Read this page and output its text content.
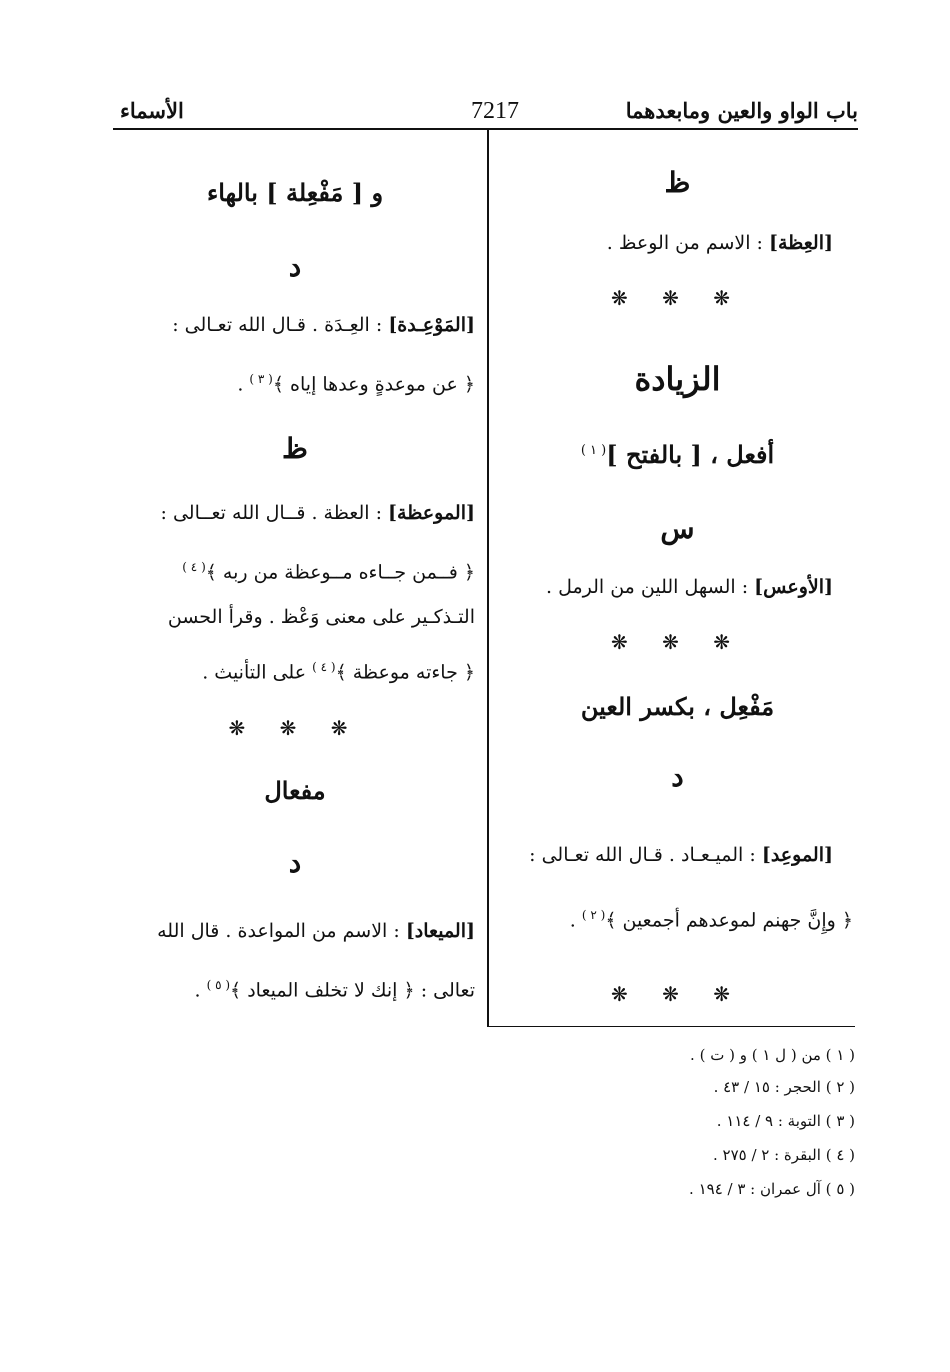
باب الواو والعين ومابعدهما
7217
الأسماء
ظ
[العِظة] : الاسم من الوعظ .
❋ ❋ ❋
الزيادة
أفعل ، [ بالفتح ]$^{( ١ )}$
س
[الأوعس] : السهل اللين من الرمل .
❋ ❋ ❋
مَفْعِل ، بكسر العين
د
[الموعِد] : الميـعـاد . قـال الله تعـالى :
﴿ وإِنَّ جهنم لموعدهم أجمعين ﴾$^{( ٢ )}$ .
❋ ❋ ❋
و [ مَفْعِلة ] بالهاء
د
[المَوْعِـدة] : العِـدَة . قـال الله تعـالى :
﴿ عن موعدةٍ وعدها إياه ﴾$^{( ٣ )}$ .
ظ
[الموعظة] : العظة . قــال الله تعــالى :
﴿ فــمن جــاءه مــوعظة من ربه ﴾$^{( ٤ )}$
التـذكـير على معنى وَعْظ . وقرأ الحسن
﴿ جاءته موعظة ﴾$^{( ٤ )}$ على التأنيث .
❋ ❋ ❋
مفعال
د
[الميعاد] : الاسم من المواعدة . قال الله
تعالى : ﴿ إنك لا تخلف الميعاد ﴾$^{( ٥ )}$ .
( ١ ) من ( ل ١ ) و ( ت ) .
( ٢ ) الحجر : ١٥ / ٤٣ .
( ٣ ) التوبة : ٩ / ١١٤ .
( ٤ ) البقرة : ٢ / ٢٧٥ .
( ٥ ) آل عمران : ٣ / ١٩٤ .
